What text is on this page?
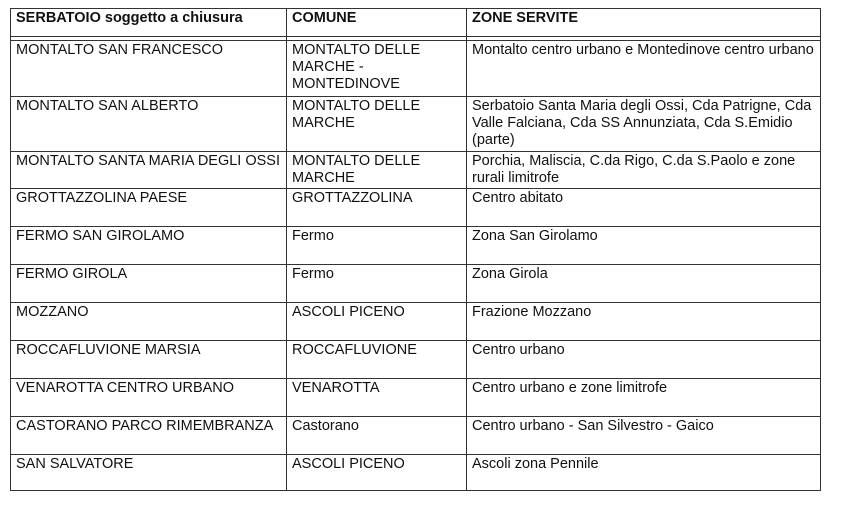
SERBATOIO soggetto a chiusura	COMUNE	ZONE SERVITE

MONTALTO SAN FRANCESCO	MONTALTO DELLE MARCHE - MONTEDINOVE	Montalto centro urbano e Montedinove centro urbano
MONTALTO SAN ALBERTO	MONTALTO DELLE MARCHE	Serbatoio Santa Maria degli Ossi, Cda Patrigne, Cda Valle Falciana, Cda SS Annunziata, Cda S.Emidio (parte)
MONTALTO SANTA MARIA DEGLI OSSI	MONTALTO DELLE MARCHE	Porchia, Maliscia, C.da Rigo, C.da S.Paolo e zone rurali limitrofe
GROTTAZZOLINA PAESE	GROTTAZZOLINA	Centro abitato
FERMO SAN GIROLAMO	Fermo	Zona San Girolamo
FERMO GIROLA	Fermo	Zona Girola
MOZZANO	ASCOLI PICENO	Frazione Mozzano
ROCCAFLUVIONE MARSIA	ROCCAFLUVIONE	Centro urbano
VENAROTTA CENTRO URBANO	VENAROTTA	Centro urbano e zone limitrofe
CASTORANO PARCO RIMEMBRANZA	Castorano	Centro urbano - San Silvestro - Gaico
SAN SALVATORE	ASCOLI PICENO	Ascoli zona Pennile
